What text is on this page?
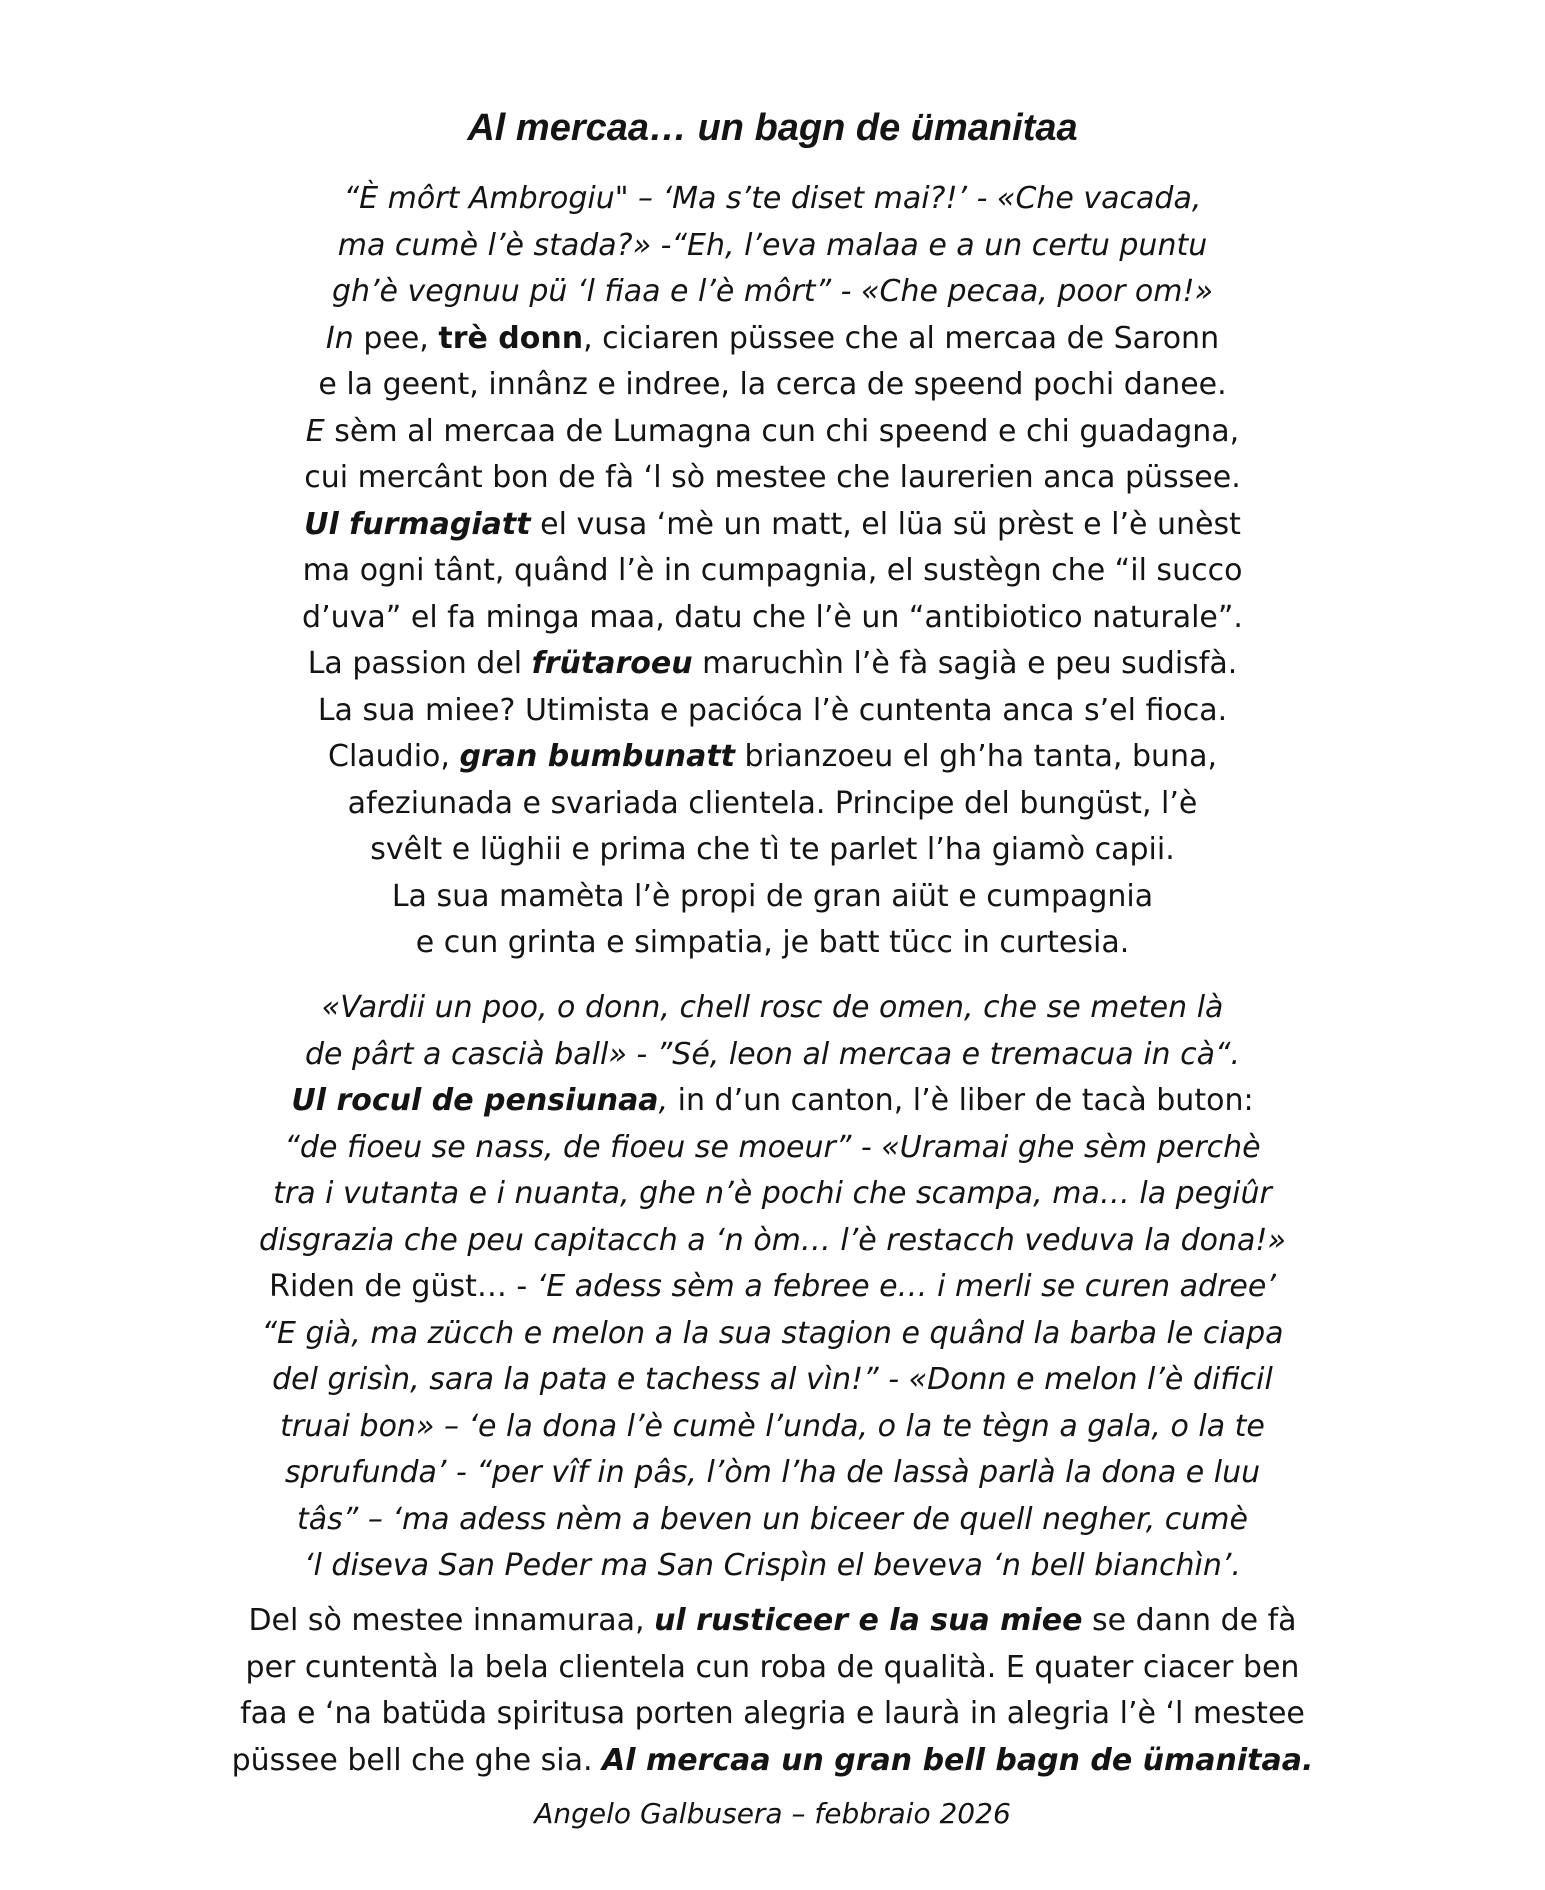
Al mercaa… un bagn de ümanitaa
“È môrt Ambrogiu" – ‘Ma s’te diset mai?!’ - «Che vacada,
ma cumè l’è stada?» -“Eh, l’eva malaa e a un certu puntu
gh’è vegnuu pü ‘l fiaa e l’è môrt” - «Che pecaa, poor om!»
In pee, trè donn, ciciaren püssee che al mercaa de Saronn
e la geent, innânz e indree, la cerca de speend pochi danee.
E sèm al mercaa de Lumagna cun chi speend e chi guadagna,
cui mercânt bon de fà ‘l sò mestee che laurerien anca püssee.
Ul furmagiatt el vusa ‘mè un matt, el lüa sü prèst e l’è unèst
ma ogni tânt, quând l’è in cumpagnia, el sustègn che “il succo
d’uva” el fa minga maa, datu che l’è un “antibiotico naturale”.
La passion del frütaroeu maruchìn l’è fà sagià e peu sudisfà.
La sua miee? Utimista e pacióca l’è cuntenta anca s’el fioca.
Claudio, gran bumbunatt brianzoeu el gh’ha tanta, buna,
afeziunada e svariada clientela. Principe del bungüst, l’è
svêlt e lüghii e prima che tì te parlet l’ha giamò capii.
La sua mamèta l’è propi de gran aiüt e cumpagnia
e cun grinta e simpatia, je batt tücc in curtesia.
«Vardii un poo, o donn, chell rosc de omen, che se meten là
de pârt a cascià ball» - ”Sé, leon al mercaa e tremacua in cà“.
Ul rocul de pensiunaa, in d’un canton, l’è liber de tacà buton:
“de fioeu se nass, de fioeu se moeur” - «Uramai ghe sèm perchè
tra i vutanta e i nuanta, ghe n’è pochi che scampa, ma… la pegiûr
disgrazia che peu capitacch a ‘n òm… l’è restacch veduva la dona!»
Riden de güst… - ‘E adess sèm a febree e… i merli se curen adree’
“E già, ma zücch e melon a la sua stagion e quând la barba le ciapa
del grisìn, sara la pata e tachess al vìn!” - «Donn e melon l’è dificil
truai bon» – ‘e la dona l’è cumè l’unda, o la te tègn a gala, o la te
sprufunda’ - “per vîf in pâs, l’òm l’ha de lassà parlà la dona e luu
tâs” – ‘ma adess nèm a beven un biceer de quell negher, cumè
‘l diseva San Peder ma San Crispìn el beveva ‘n bell bianchìn’.
Del sò mestee innamuraa, ul rusticeer e la sua miee se dann de fà
per cuntentà la bela clientela cun roba de qualità. E quater ciacer ben
faa e ‘na batüda spiritusa porten alegria e laurà in alegria l’è ‘l mestee
püssee bell che ghe sia. Al mercaa un gran bell bagn de ümanitaa.

Angelo Galbusera – febbraio 2026
